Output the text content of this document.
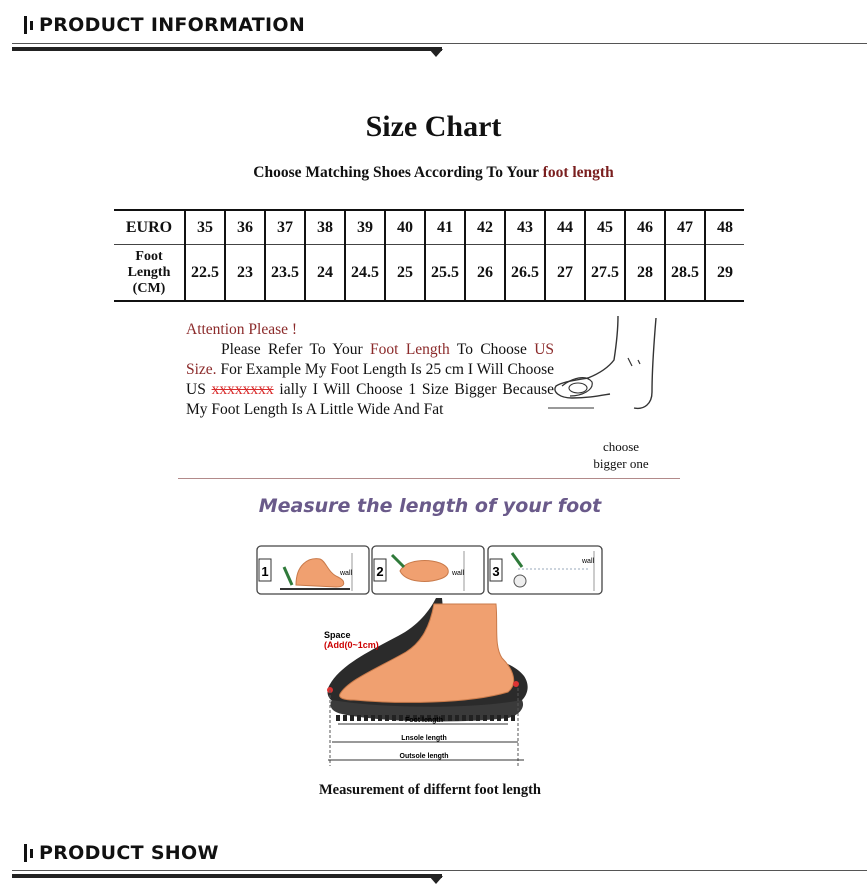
PRODUCT INFORMATION
Size Chart
Choose Matching Shoes According To Your foot length
EURO	35	36	37	38	39	40	41	42	43	44	45	46	47	48

Foot
Length
(CM)	22.5	23	23.5	24	24.5	25	25.5	26	26.5	27	27.5	28	28.5	29

Attention Please !

Please Refer To Your Foot Length To Choose US Size. For Example My Foot Length Is 25 cm I Will Choose US xxxxxxxx ially I Will Choose 1 Size Bigger Because My Foot Length Is A Little Wide And Fat

choose
bigger one
Measure the length of your foot
1	wall 2	wall 3
wall
Foot length
Lnsole length
Outsole length
Space
(Add(0~1cm)
Measurement of differnt foot length
PRODUCT SHOW
